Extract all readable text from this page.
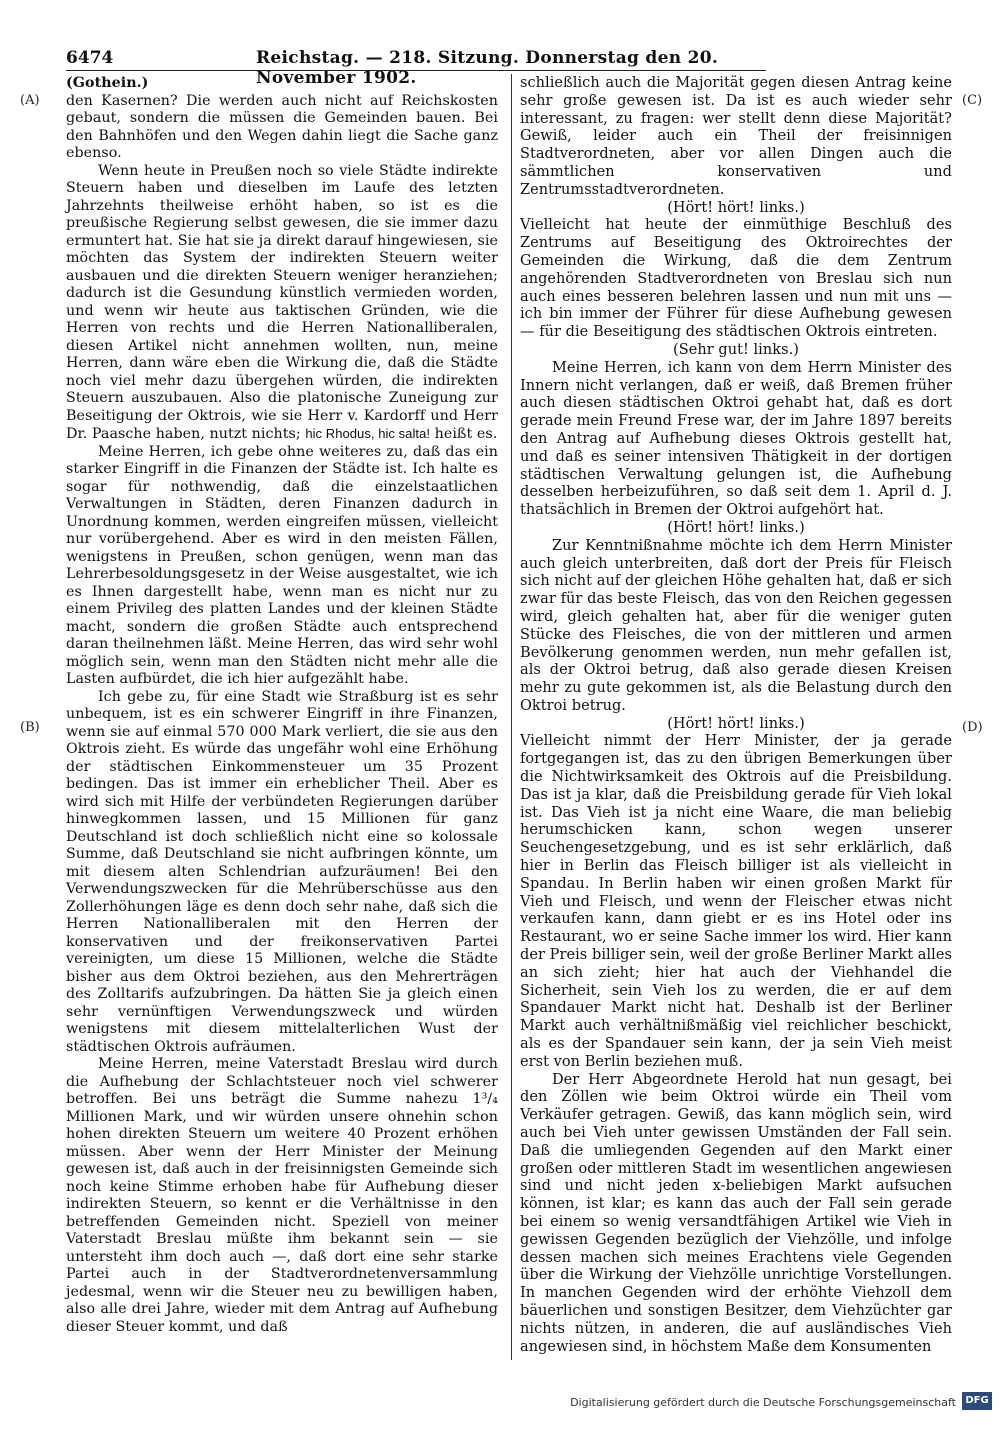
6474	Reichstag. — 218. Sitzung. Donnerstag den 20. November 1902.
(A)
(B)
(C)
(D)

(Gothein.)

den Kasernen? Die werden auch nicht auf Reichskosten gebaut, sondern die müssen die Gemeinden bauen. Bei den Bahnhöfen und den Wegen dahin liegt die Sache ganz ebenso.

Wenn heute in Preußen noch so viele Städte indirekte Steuern haben und dieselben im Laufe des letzten Jahrzehnts theilweise erhöht haben, so ist es die preußische Regierung selbst gewesen, die sie immer dazu ermuntert hat. Sie hat sie ja direkt darauf hingewiesen, sie möchten das System der indirekten Steuern weiter ausbauen und die direkten Steuern weniger heranziehen; dadurch ist die Gesundung künstlich vermieden worden, und wenn wir heute aus taktischen Gründen, wie die Herren von rechts und die Herren Nationalliberalen, diesen Artikel nicht annehmen wollten, nun, meine Herren, dann wäre eben die Wirkung die, daß die Städte noch viel mehr dazu übergehen würden, die indirekten Steuern auszubauen. Also die platonische Zuneigung zur Beseitigung der Oktrois, wie sie Herr v. Kardorff und Herr Dr. Paasche haben, nutzt nichts; hic Rhodus, hic salta! heißt es.

Meine Herren, ich gebe ohne weiteres zu, daß das ein starker Eingriff in die Finanzen der Städte ist. Ich halte es sogar für nothwendig, daß die einzelstaatlichen Verwaltungen in Städten, deren Finanzen dadurch in Unordnung kommen, werden eingreifen müssen, vielleicht nur vorübergehend. Aber es wird in den meisten Fällen, wenigstens in Preußen, schon genügen, wenn man das Lehrerbesoldungsgesetz in der Weise ausgestaltet, wie ich es Ihnen dargestellt habe, wenn man es nicht nur zu einem Privileg des platten Landes und der kleinen Städte macht, sondern die großen Städte auch entsprechend daran theilnehmen läßt. Meine Herren, das wird sehr wohl möglich sein, wenn man den Städten nicht mehr alle die Lasten aufbürdet, die ich hier aufgezählt habe.

Ich gebe zu, für eine Stadt wie Straßburg ist es sehr unbequem, ist es ein schwerer Eingriff in ihre Finanzen, wenn sie auf einmal 570 000 Mark verliert, die sie aus den Oktrois zieht. Es würde das ungefähr wohl eine Erhöhung der städtischen Einkommensteuer um 35 Prozent bedingen. Das ist immer ein erheblicher Theil. Aber es wird sich mit Hilfe der verbündeten Regierungen darüber hinwegkommen lassen, und 15 Millionen für ganz Deutschland ist doch schließlich nicht eine so kolossale Summe, daß Deutschland sie nicht aufbringen könnte, um mit diesem alten Schlendrian aufzuräumen! Bei den Verwendungszwecken für die Mehrüberschüsse aus den Zollerhöhungen läge es denn doch sehr nahe, daß sich die Herren Nationalliberalen mit den Herren der konservativen und der freikonservativen Partei vereinigten, um diese 15 Millionen, welche die Städte bisher aus dem Oktroi beziehen, aus den Mehrerträgen des Zolltarifs aufzubringen. Da hätten Sie ja gleich einen sehr vernünftigen Verwendungszweck und würden wenigstens mit diesem mittelalterlichen Wust der städtischen Oktrois aufräumen.

Meine Herren, meine Vaterstadt Breslau wird durch die Aufhebung der Schlachtsteuer noch viel schwerer betroffen. Bei uns beträgt die Summe nahezu 1³/₄ Millionen Mark, und wir würden unsere ohnehin schon hohen direkten Steuern um weitere 40 Prozent erhöhen müssen. Aber wenn der Herr Minister der Meinung gewesen ist, daß auch in der freisinnigsten Gemeinde sich noch keine Stimme erhoben habe für Aufhebung dieser indirekten Steuern, so kennt er die Verhältnisse in den betreffenden Gemeinden nicht. Speziell von meiner Vaterstadt Breslau müßte ihm bekannt sein — sie untersteht ihm doch auch —, daß dort eine sehr starke Partei auch in der Stadtverordnetenversammlung jedesmal, wenn wir die Steuer neu zu bewilligen haben, also alle drei Jahre, wieder mit dem Antrag auf Aufhebung dieser Steuer kommt, und daß

schließlich auch die Majorität gegen diesen Antrag keine sehr große gewesen ist. Da ist es auch wieder sehr interessant, zu fragen: wer stellt denn diese Majorität? Gewiß, leider auch ein Theil der freisinnigen Stadtverordneten, aber vor allen Dingen auch die sämmtlichen konservativen und Zentrumsstadtverordneten.

(Hört! hört! links.)

Vielleicht hat heute der einmüthige Beschluß des Zentrums auf Beseitigung des Oktroirechtes der Gemeinden die Wirkung, daß die dem Zentrum angehörenden Stadtverordneten von Breslau sich nun auch eines besseren belehren lassen und nun mit uns — ich bin immer der Führer für diese Aufhebung gewesen — für die Beseitigung des städtischen Oktrois eintreten.

(Sehr gut! links.)

Meine Herren, ich kann von dem Herrn Minister des Innern nicht verlangen, daß er weiß, daß Bremen früher auch diesen städtischen Oktroi gehabt hat, daß es dort gerade mein Freund Frese war, der im Jahre 1897 bereits den Antrag auf Aufhebung dieses Oktrois gestellt hat, und daß es seiner intensiven Thätigkeit in der dortigen städtischen Verwaltung gelungen ist, die Aufhebung desselben herbeizuführen, so daß seit dem 1. April d. J. thatsächlich in Bremen der Oktroi aufgehört hat.

(Hört! hört! links.)

Zur Kenntnißnahme möchte ich dem Herrn Minister auch gleich unterbreiten, daß dort der Preis für Fleisch sich nicht auf der gleichen Höhe gehalten hat, daß er sich zwar für das beste Fleisch, das von den Reichen gegessen wird, gleich gehalten hat, aber für die weniger guten Stücke des Fleisches, die von der mittleren und armen Bevölkerung genommen werden, nun mehr gefallen ist, als der Oktroi betrug, daß also gerade diesen Kreisen mehr zu gute gekommen ist, als die Belastung durch den Oktroi betrug.

(Hört! hört! links.)

Vielleicht nimmt der Herr Minister, der ja gerade fortgegangen ist, das zu den übrigen Bemerkungen über die Nichtwirksamkeit des Oktrois auf die Preisbildung. Das ist ja klar, daß die Preisbildung gerade für Vieh lokal ist. Das Vieh ist ja nicht eine Waare, die man beliebig herumschicken kann, schon wegen unserer Seuchengesetzgebung, und es ist sehr erklärlich, daß hier in Berlin das Fleisch billiger ist als vielleicht in Spandau. In Berlin haben wir einen großen Markt für Vieh und Fleisch, und wenn der Fleischer etwas nicht verkaufen kann, dann giebt er es ins Hotel oder ins Restaurant, wo er seine Sache immer los wird. Hier kann der Preis billiger sein, weil der große Berliner Markt alles an sich zieht; hier hat auch der Viehhandel die Sicherheit, sein Vieh los zu werden, die er auf dem Spandauer Markt nicht hat. Deshalb ist der Berliner Markt auch verhältnißmäßig viel reichlicher beschickt, als es der Spandauer sein kann, der ja sein Vieh meist erst von Berlin beziehen muß.

Der Herr Abgeordnete Herold hat nun gesagt, bei den Zöllen wie beim Oktroi würde ein Theil vom Verkäufer getragen. Gewiß, das kann möglich sein, wird auch bei Vieh unter gewissen Umständen der Fall sein. Daß die umliegenden Gegenden auf den Markt einer großen oder mittleren Stadt im wesentlichen angewiesen sind und nicht jeden x-beliebigen Markt aufsuchen können, ist klar; es kann das auch der Fall sein gerade bei einem so wenig versandtfähigen Artikel wie Vieh in gewissen Gegenden bezüglich der Viehzölle, und infolge dessen machen sich meines Erachtens viele Gegenden über die Wirkung der Viehzölle unrichtige Vorstellungen. In manchen Gegenden wird der erhöhte Viehzoll dem bäuerlichen und sonstigen Besitzer, dem Viehzüchter gar nichts nützen, in anderen, die auf ausländisches Vieh angewiesen sind, in höchstem Maße dem Konsumenten

Digitalisierung gefördert durch die Deutsche Forschungsgemeinschaft DFG
